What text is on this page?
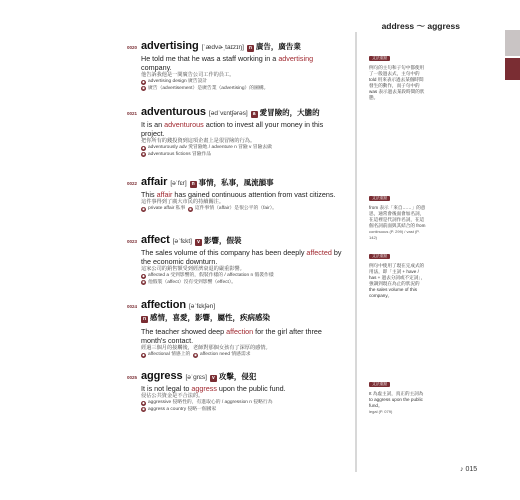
address ～ aggress
0020 advertising [ˈædvɚˌtaɪzɪŋ] n 廣告，廣告業
He told me that he was a staff working in a advertising company.
他告訴我他是一間廣告公司工作的員工。
◆ advertising design 廣告設計
◉ 廣告（advertisement）是廣告業（advertising）的圖構。
0021 adventurous [ədˈvɛntʃərəs]	a 愛冒險的，大膽的
It is an adventurous action to invest all your money in this project.
把你所有的錢投資到這項企畫上是很冒險的行為。
◆ adventurously adv 愛冒險地 / adventure n 冒險 v 冒險去做
◉ adventurous fictions 冒險作品
0022 affair [əˈfɛr] n 事情，私事，風流韻事
This affair has gained continuous attention from vast citizens.
這件事得到了廣大市民的持續關注。
◉ private affair 私事
◉ 這件事情（affair）是很公平的（fair）。
0023 affect [əˈfɛkt]	v 影響，假裝
The sales volume of this company has been deeply affected by the economic downturn.
這家公司的銷售額受到經濟衰退的嚴重影響。
◆ affected a 受到影響的，假裝作樣的 / affectation n 假裝作樣
◉ 他假裝（affect）沒有受到影響（effect）。
0024 affection [əˈfɛkʃən]
n 感情，喜愛，影響，屬性，疾病感染
The teacher showed deep affection for the girl after three month's contact.
經過三個月的接觸後，老師對那個女孩有了深厚的感情。
◆ affectional 情感上的
◉ affection need 情感需求
0025 aggress [əˈgrɛs]	v 攻擊，侵犯
It is not legal to aggress upon the public fund.
侵佔公共資金是不合法的。
◆ aggressive 侵略性的，有進取心的 / aggression n 侵略行為
◉ aggress a country 侵略一個國家
文法重點
例句的主句和子句中都使用了一般過去式，主句中的 told 用來表示過去某個時間發生的動作，而子句中的 was 表示過去某段時間的狀態。
文法重點
from 表示「來自……」的意思，通常會後面會加名詞，在這裡是代詞作名詞，在這個名詞前面與其結合的 from
continuous (P. 299) / vast (P. 142)
文法重點
例句中使用了現在完成式的用法，即「主詞 + have / has + 過去分詞或不定詞」，強調到現在為止的狀況的 the sales volume of this company。
文法重點
It 為虛主詞，真正的主詞為 to aggress upon the public fund。
legal (P. 079)
♪ 015
